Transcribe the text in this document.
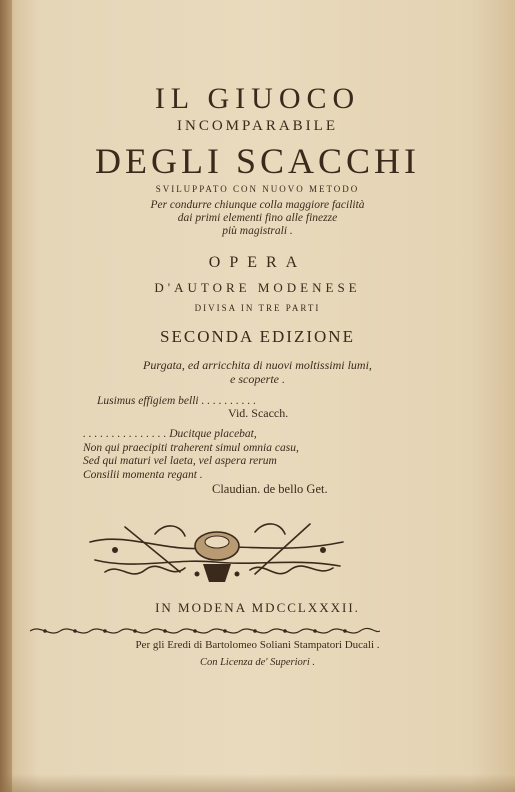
IL GIUOCO
INCOMPARABILE
DEGLI SCACCHI
SVILUPPATO CON NUOVO METODO
Per condurre chiunque colla maggiore facilità
dai primi elementi fino alle finezze
più magistrali .
OPERA
D'AUTORE MODENESE
DIVISA IN TRE PARTI
SECONDA EDIZIONE
Purgata, ed arricchita di nuovi moltissimi lumi,
e scoperte .
Lusimus effigiem belli . . . . . . . . . .
Vid. Scacch.
. . . . . . . . . . . . . . . Ducitque placebat,
Non qui praecipiti traherent simul omnia casu,
Sed qui maturi vel laeta, vel aspera rerum
Consilii momenta regant .
Claudian. de bello Get.
IN MODENA MDCCLXXXII.
Per gli Eredi di Bartolomeo Soliani Stampatori Ducali .
Con Licenza de' Superiori .
